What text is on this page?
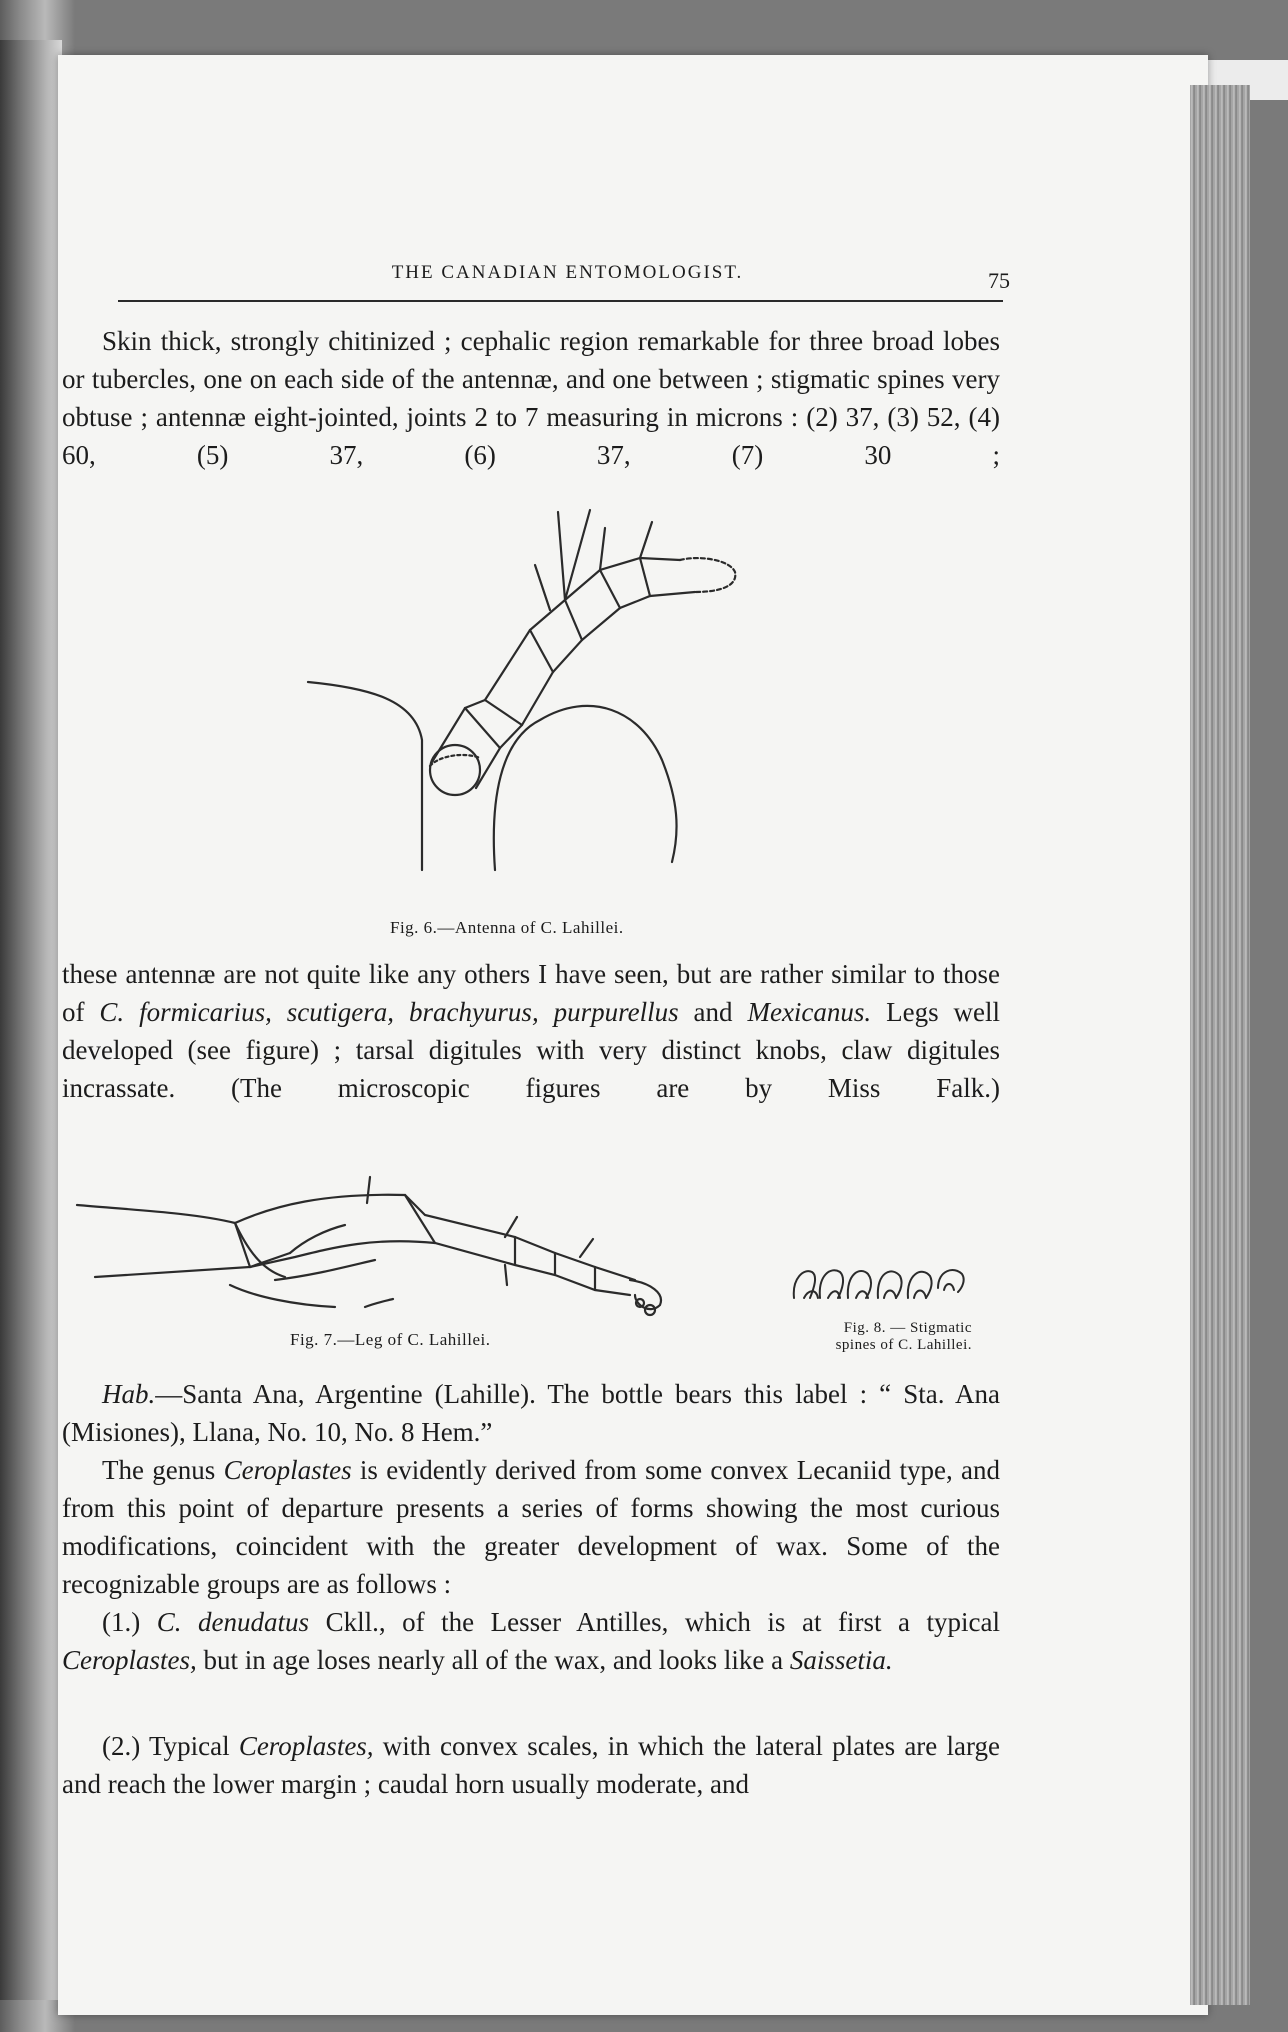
THE CANADIAN ENTOMOLOGIST.	75
Skin thick, strongly chitinized ; cephalic region remarkable for three broad lobes or tubercles, one on each side of the antennæ, and one between ; stigmatic spines very obtuse ; antennæ eight-jointed, joints 2 to 7 measuring in microns : (2) 37, (3) 52, (4) 60, (5) 37, (6) 37, (7) 30 ;
Fig. 6.—Antenna of C. Lahillei.
these antennæ are not quite like any others I have seen, but are rather similar to those of C. formicarius, scutigera, brachyurus, purpurellus and Mexicanus. Legs well developed (see figure) ; tarsal digitules with very distinct knobs, claw digitules incrassate. (The microscopic figures are by Miss Falk.)
Fig. 7.—Leg of C. Lahillei.
Fig. 8. — Stigmatic
spines of C. Lahillei.
Hab.—Santa Ana, Argentine (Lahille). The bottle bears this label : “ Sta. Ana (Misiones), Llana, No. 10, No. 8 Hem.”
The genus Ceroplastes is evidently derived from some convex Lecaniid type, and from this point of departure presents a series of forms showing the most curious modifications, coincident with the greater development of wax. Some of the recognizable groups are as follows :
(1.) C. denudatus Ckll., of the Lesser Antilles, which is at first a typical Ceroplastes, but in age loses nearly all of the wax, and looks like a Saissetia.
(2.) Typical Ceroplastes, with convex scales, in which the lateral plates are large and reach the lower margin ; caudal horn usually moderate, and
